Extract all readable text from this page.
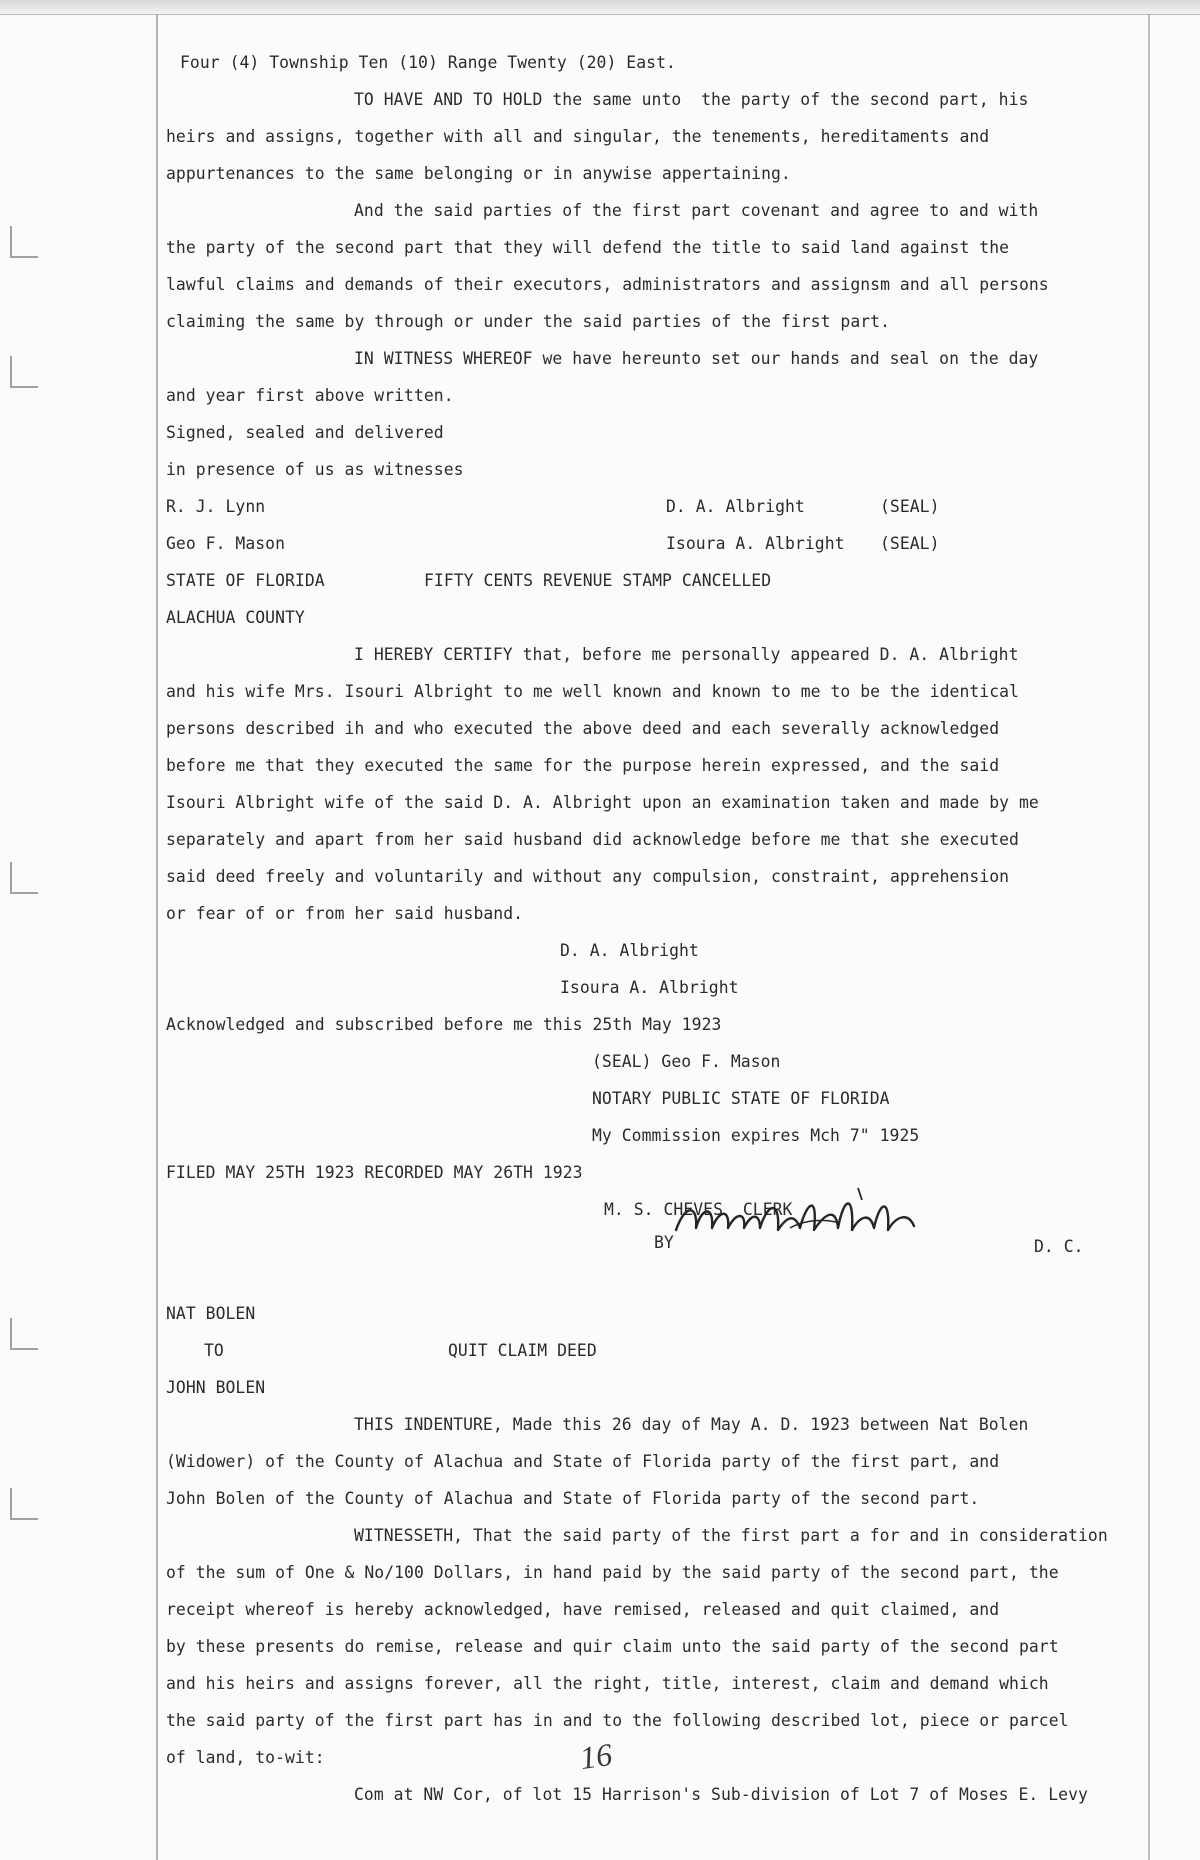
Four (4) Township Ten (10) Range Twenty (20) East.
TO HAVE AND TO HOLD the same unto  the party of the second part, his
heirs and assigns, together with all and singular, the tenements, hereditaments and
appurtenances to the same belonging or in anywise appertaining.
And the said parties of the first part covenant and agree to and with
the party of the second part that they will defend the title to said land against the
lawful claims and demands of their executors, administrators and assignsm and all persons
claiming the same by through or under the said parties of the first part.
IN WITNESS WHEREOF we have hereunto set our hands and seal on the day
and year first above written.
Signed, sealed and delivered
in presence of us as witnesses
R. J. Lynn	D. A. Albright	(SEAL)
Geo F. Mason	Isoura A. Albright (SEAL)
STATE OF FLORIDA	FIFTY CENTS REVENUE STAMP CANCELLED
ALACHUA COUNTY
I HEREBY CERTIFY that, before me personally appeared D. A. Albright
and his wife Mrs. Isouri Albright to me well known and known to me to be the identical
persons described ih and who executed the above deed and each severally acknowledged
before me that they executed the same for the purpose herein expressed, and the said
Isouri Albright wife of the said D. A. Albright upon an examination taken and made by me
separately and apart from her said husband did acknowledge before me that she executed
said deed freely and voluntarily and without any compulsion, constraint, apprehension
or fear of or from her said husband.
D. A. Albright
Isoura A. Albright
Acknowledged and subscribed before me this 25th May 1923
(SEAL) Geo F. Mason
NOTARY PUBLIC STATE OF FLORIDA
My Commission expires Mch 7" 1925
FILED MAY 25TH 1923 RECORDED MAY 26TH 1923
M. S. CHEVES  CLERK
BY	D. C.
NAT BOLEN
TO	QUIT CLAIM DEED
JOHN BOLEN
THIS INDENTURE, Made this 26 day of May A. D. 1923 between Nat Bolen
(Widower) of the County of Alachua and State of Florida party of the first part, and
John Bolen of the County of Alachua and State of Florida party of the second part.
WITNESSETH, That the said party of the first part a for and in consideration
of the sum of One & No/100 Dollars, in hand paid by the said party of the second part, the
receipt whereof is hereby acknowledged, have remised, released and quit claimed, and
by these presents do remise, release and quir claim unto the said party of the second part
and his heirs and assigns forever, all the right, title, interest, claim and demand which
the said party of the first part has in and to the following described lot, piece or parcel
of land, to-wit:	16
Com at NW Cor, of lot 15 Harrison's Sub-division of Lot 7 of Moses E. Levy
